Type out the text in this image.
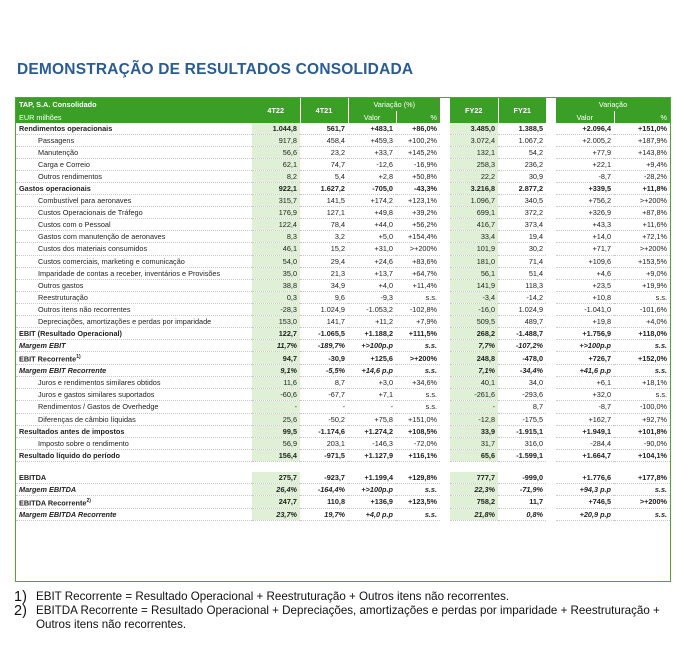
DEMONSTRAÇÃO DE RESULTADOS CONSOLIDADA
TAP, S.A. Consolidado	4T22	4T21	Variação (%)			FY22	FY21		Variação	
EUR milhões			Valor	%					Valor	%
Rendimentos operacionais	1.044,8	561,7	+483,1	+86,0%		3.485,0	1.388,5		+2.096,4	+151,0%
Passagens	917,8	458,4	+459,3	+100,2%		3.072,4	1.067,2		+2.005,2	+187,9%
Manutenção	56,6	23,2	+33,7	+145,2%		132,1	54,2		+77,9	+143,8%
Carga e Correio	62,1	74,7	-12,6	-16,9%		258,3	236,2		+22,1	+9,4%
Outros rendimentos	8,2	5,4	+2,8	+50,8%		22,2	30,9		-8,7	-28,2%
Gastos operacionais	922,1	1.627,2	-705,0	-43,3%		3.216,8	2.877,2		+339,5	+11,8%
Combustível para aeronaves	315,7	141,5	+174,2	+123,1%		1.096,7	340,5		+756,2	>+200%
Custos Operacionais de Tráfego	176,9	127,1	+49,8	+39,2%		699,1	372,2		+326,9	+87,8%
Custos com o Pessoal	122,4	78,4	+44,0	+56,2%		416,7	373,4		+43,3	+11,6%
Gastos com manutenção de aeronaves	8,3	3,2	+5,0	+154,4%		33,4	19,4		+14,0	+72,1%
Custos dos materiais consumidos	46,1	15,2	+31,0	>+200%		101,9	30,2		+71,7	>+200%
Custos comerciais, marketing e comunicação	54,0	29,4	+24,6	+83,6%		181,0	71,4		+109,6	+153,5%
Imparidade de contas a receber, inventários e Provisões	35,0	21,3	+13,7	+64,7%		56,1	51,4		+4,6	+9,0%
Outros gastos	38,8	34,9	+4,0	+11,4%		141,9	118,3		+23,5	+19,9%
Reestruturação	0,3	9,6	-9,3	s.s.		-3,4	-14,2		+10,8	s.s.
Outros itens não recorrentes	-28,3	1.024,9	-1.053,2	-102,8%		-16,0	1.024,9		-1.041,0	-101,6%
Depreciações, amortizações e perdas por imparidade	153,0	141,7	+11,2	+7,9%		509,5	489,7		+19,8	+4,0%
EBIT (Resultado Operacional)	122,7	-1.065,5	+1.188,2	+111,5%		268,2	-1.488,7		+1.756,9	+118,0%
Margem EBIT	11,7%	-189,7%	+>100p.p	s.s.		7,7%	-107,2%		+>100p.p	s.s.
EBIT Recorrente$^{1)}$	94,7	-30,9	+125,6	>+200%		248,8	-478,0		+726,7	+152,0%
Margem EBIT Recorrente	9,1%	-5,5%	+14,6 p.p	s.s.		7,1%	-34,4%		+41,6 p.p	s.s.
Juros e rendimentos similares obtidos	11,6	8,7	+3,0	+34,6%		40,1	34,0		+6,1	+18,1%
Juros e gastos similares suportados	-60,6	-67,7	+7,1	s.s.		-261,6	-293,6		+32,0	s.s.
Rendimentos / Gastos de Overhedge	-	-	-	s.s.		-	8,7		-8,7	-100,0%
Diferenças de câmbio líquidas	25,6	-50,2	+75,8	+151,0%		-12,8	-175,5		+162,7	+92,7%
Resultados antes de impostos	99,5	-1.174,6	+1.274,2	+108,5%		33,9	-1.915,1		+1.949,1	+101,8%
Imposto sobre o rendimento	56,9	203,1	-146,3	-72,0%		31,7	316,0		-284,4	-90,0%
Resultado líquido do período	156,4	-971,5	+1.127,9	+116,1%		65,6	-1.599,1		+1.664,7	+104,1%

EBITDA	275,7	-923,7	+1.199,4	+129,8%		777,7	-999,0		+1.776,6	+177,8%
Margem EBITDA	26,4%	-164,4%	+>100p.p	s.s.		22,3%	-71,9%		+94,3 p.p	s.s.
EBITDA Recorrente$^{2)}$	247,7	110,8	+136,9	+123,5%		758,2	11,7		+746,5	>+200%
Margem EBITDA Recorrente	23,7%	19,7%	+4,0 p.p	s.s.		21,8%	0,8%		+20,9 p.p	s.s.
1) EBIT Recorrente = Resultado Operacional + Reestruturação + Outros itens não recorrentes.
2) EBITDA Recorrente = Resultado Operacional + Depreciações, amortizações e perdas por imparidade + Reestruturação + Outros itens não recorrentes.
